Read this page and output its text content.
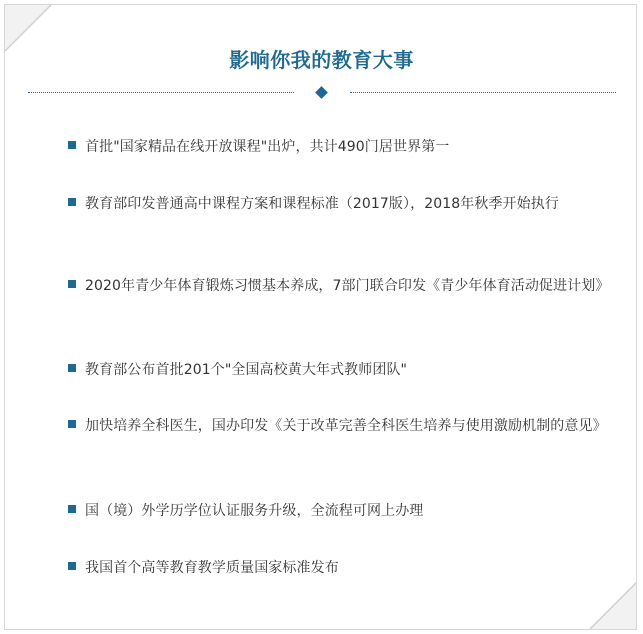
影响你我的教育大事
首批"国家精品在线开放课程"出炉，共计490门居世界第一
教育部印发普通高中课程方案和课程标准（2017版），2018年秋季开始执行
2020年青少年体育锻炼习惯基本养成，7部门联合印发《青少年体育活动促进计划》
教育部公布首批201个"全国高校黄大年式教师团队"
加快培养全科医生，国办印发《关于改革完善全科医生培养与使用激励机制的意见》
国（境）外学历学位认证服务升级，全流程可网上办理
我国首个高等教育教学质量国家标准发布
